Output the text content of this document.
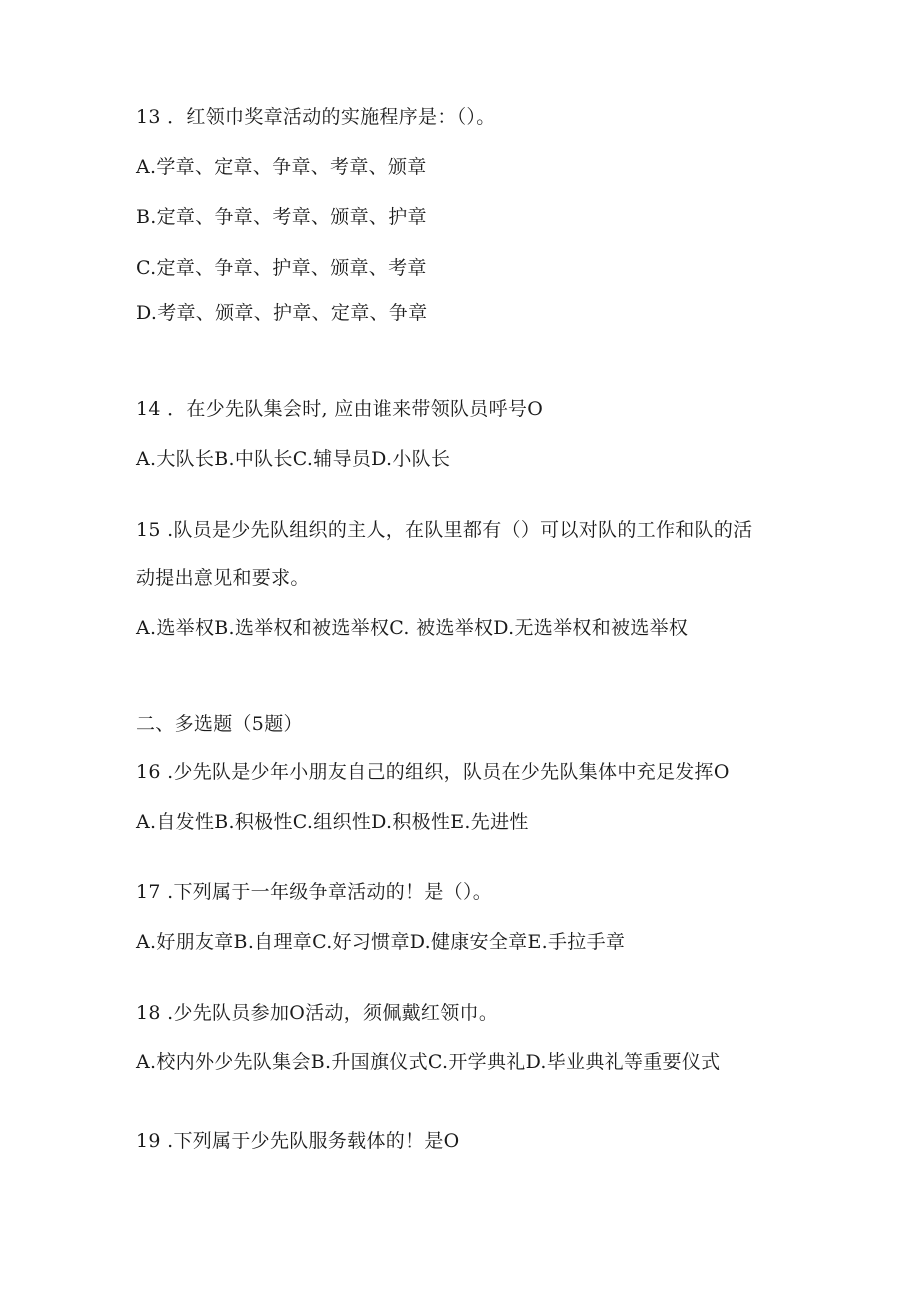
13 ．红领巾奖章活动的实施程序是：（）。
A.学章、定章、争章、考章、颁章
B.定章、争章、考章、颁章、护章
C.定章、争章、护章、颁章、考章
D.考章、颁章、护章、定章、争章
14 ．在少先队集会时, 应由谁来带领队员呼号O
A.大队长B.中队长C.辅导员D.小队长
15 .队员是少先队组织的主人，在队里都有（）可以对队的工作和队的活
动提出意见和要求。
A.选举权B.选举权和被选举权C. 被选举权D.无选举权和被选举权
二、多选题（5题）
16 .少先队是少年小朋友自己的组织，队员在少先队集体中充足发挥O
A.自发性B.积极性C.组织性D.积极性E.先进性
17 .下列属于一年级争章活动的！是（）。
A.好朋友章B.自理章C.好习惯章D.健康安全章E.手拉手章
18 .少先队员参加O活动，须佩戴红领巾。
A.校内外少先队集会B.升国旗仪式C.开学典礼D.毕业典礼等重要仪式
19 .下列属于少先队服务载体的！是O
